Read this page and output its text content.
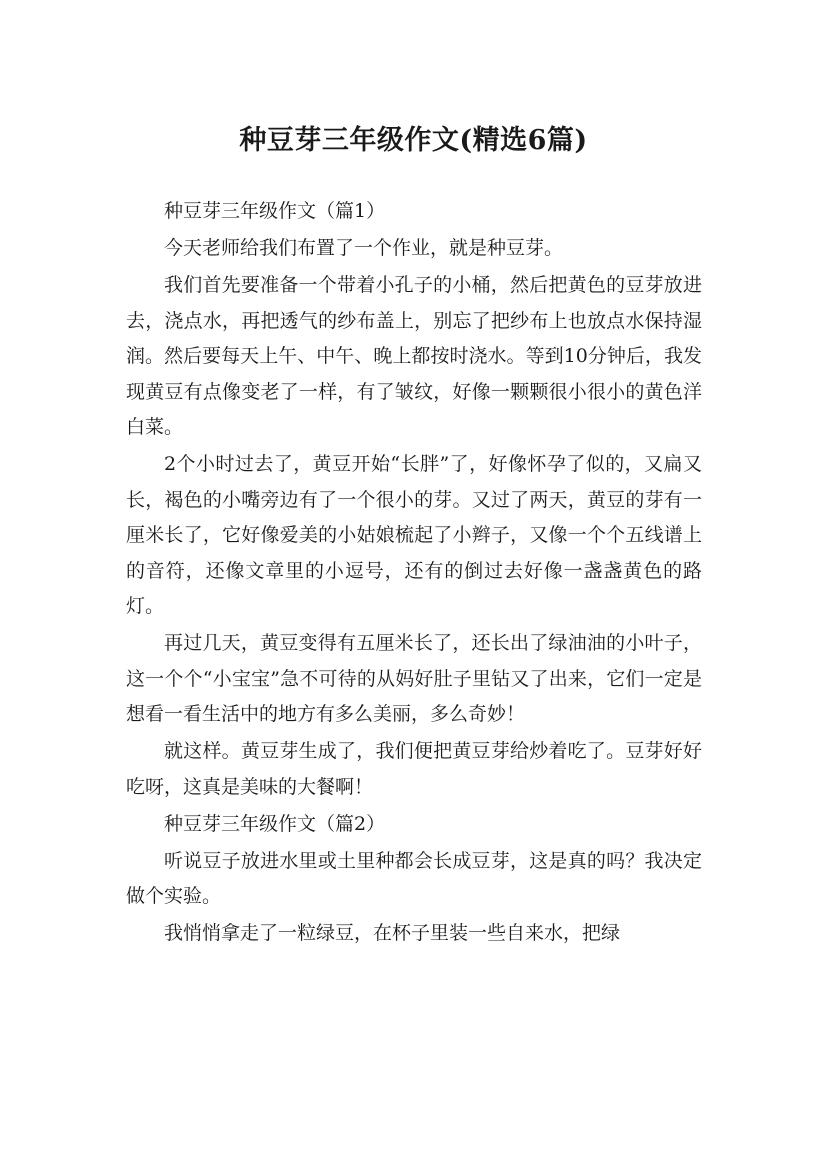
种豆芽三年级作文(精选6篇)

种豆芽三年级作文（篇1）

今天老师给我们布置了一个作业，就是种豆芽。

我们首先要准备一个带着小孔子的小桶，然后把黄色的豆芽放进去，浇点水，再把透气的纱布盖上，别忘了把纱布上也放点水保持湿润。然后要每天上午、中午、晚上都按时浇水。等到10分钟后，我发现黄豆有点像变老了一样，有了皱纹，好像一颗颗很小很小的黄色洋白菜。

2个小时过去了，黄豆开始“长胖”了，好像怀孕了似的，又扁又长，褐色的小嘴旁边有了一个很小的芽。又过了两天，黄豆的芽有一厘米长了，它好像爱美的小姑娘梳起了小辫子，又像一个个五线谱上的音符，还像文章里的小逗号，还有的倒过去好像一盏盏黄色的路灯。

再过几天，黄豆变得有五厘米长了，还长出了绿油油的小叶子，这一个个“小宝宝”急不可待的从妈好肚子里钻又了出来，它们一定是想看一看生活中的地方有多么美丽，多么奇妙！

就这样。黄豆芽生成了，我们便把黄豆芽给炒着吃了。豆芽好好吃呀，这真是美味的大餐啊！

种豆芽三年级作文（篇2）

听说豆子放进水里或土里种都会长成豆芽，这是真的吗？我决定做个实验。

我悄悄拿走了一粒绿豆，在杯子里装一些自来水，把绿
